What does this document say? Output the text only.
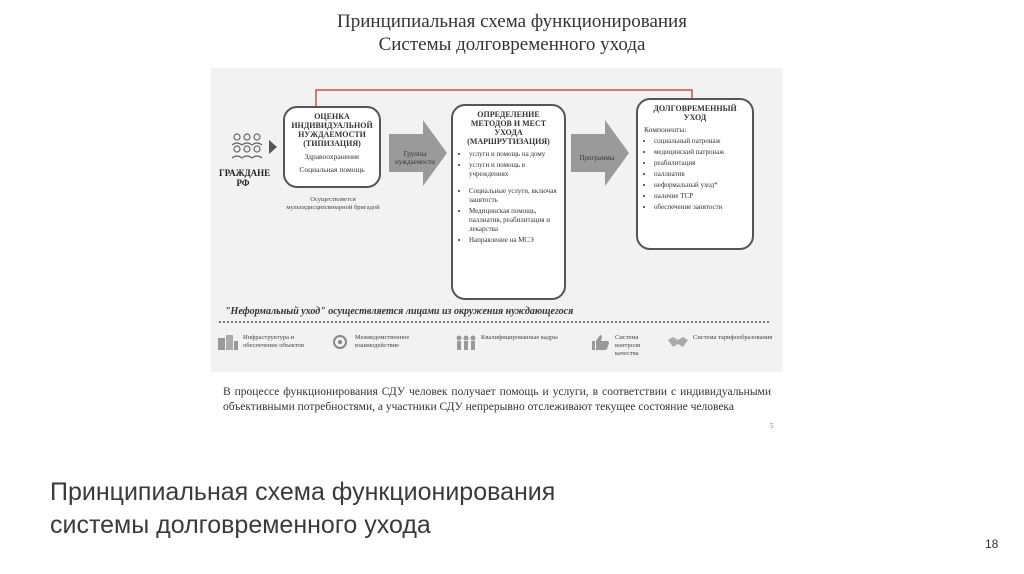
Принципиальная схема функционирования
Системы долговременного ухода
ГРАЖДАНЕ РФ
ОЦЕНКА ИНДИВИДУАЛЬНОЙ НУЖДАЕМОСТИ (ТИПИЗАЦИЯ)
Здравоохранение
Социальная помощь
Осуществляется мультидисциплинарной бригадой
Группы нуждаемости
ОПРЕДЕЛЕНИЕ МЕТОДОВ И МЕСТ УХОДА (МАРШРУТИЗАЦИЯ)
• услуги и помощь на дому
• услуги и помощь в учреждениях
• Социальные услуги, включая занятость
• Медицинская помощь, паллиатив, реабилитация и лекарства
• Направление на МСЭ
Программы
ДОЛГОВРЕМЕННЫЙ УХОД
Компоненты:
• социальный патронаж
• медицинский патронаж
• реабилитация
• паллиатив
• неформальный уход*
• наличие ТСР
• обеспечение занятости
"Неформальный уход" осуществляется лицами из окружения нуждающегося
Инфраструктура и обеспечение объектов
Межведомственное взаимодействие
Квалифицированные кадры	Система контроля качества
Система тарифообразования
В процессе функционирования СДУ человек получает помощь и услуги, в соответствии с индивидуальными объективными потребностями, а участники СДУ непрерывно отслеживают текущее состояние человека
5
Принципиальная схема функционирования
системы долговременного ухода
18
